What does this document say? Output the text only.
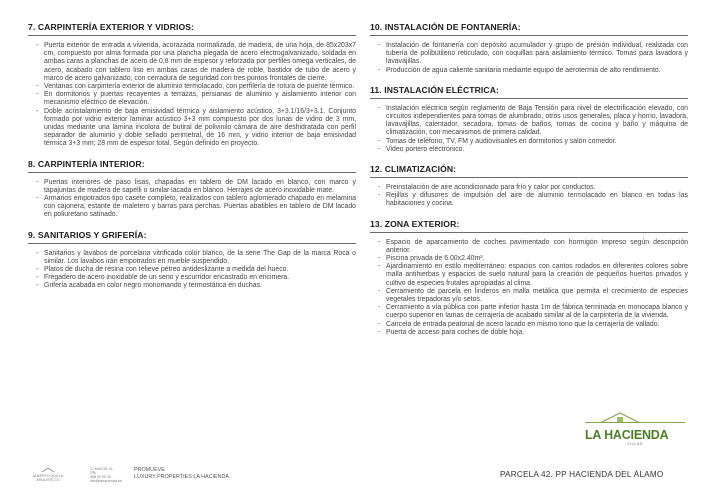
7. CARPINTERÍA EXTERIOR Y VIDRIOS:
- Puerta exterior de entrada a vivienda, acorazada normalizada, de madera, de una hoja, de 85x203x7 cm, compuesto por alma formada por una plancha plegada de acero electrogalvanizado, soldada en ambas caras a planchas de acero de 0,8 mm de espesor y reforzada por perfiles omega verticales, de acero, acabado con tablero liso en ambas caras de madera de roble, bastidor de tubo de acero y marco de acero galvanizado, con cerradura de seguridad con tres puntos frontales de cierre.
- Ventanas con carpintería exterior de aluminio termolacado, con perfilería de rotura de puente térmico.
- En dormitorios y puertas recayentes a terrazas, persianas de aluminio y aislamiento interior con mecanismo eléctrico de elevación.
- Doble acristalamiento de baja emisividad térmica y aislamiento acústico, 3+3.1/16/3+3.1. Conjunto formado por vidrio exterior laminar acústico 3+3 mm compuesto por dos lunas de vidrio de 3 mm, unidas mediante una lámina incolora de butiral de polivinilo cámara de aire deshidratada con perfil separador de aluminio y doble sellado perimetral, de 16 mm, y vidrio interior de baja emisividad térmica 3+3 mm; 28 mm de espesor total. Según definido en proyecto.
8. CARPINTERÍA INTERIOR:
- Puertas interiores de paso lisas, chapadas en tablero de DM lacado en blanco, con marco y tapajuntas de madera de sapelli o similar lacada en blanco. Herrajes de acero inoxidable mate.
- Armarios empotrados tipo casete completo, realizados con tablero aglomerado chapado en melamina con cajonera, estante de maletero y barras para perchas. Puertas abatibles en tablero de DM lacado en poliuretano satinado.
9. SANITARIOS Y GRIFERÍA:
- Sanitarios y lavabos de porcelana vitrificada color blanco, de la serie The Gap de la marca Roca o similar. Los lavabos irán empotrados en mueble suspendido.
- Platos de ducha de resina con relieve pétreo antideslizante a medida del hueco.
- Fregadero de acero inoxidable de un seno y escurridor encastrado en encimera.
- Grifería acabada en color negro monomando y termostática en duchas.
10. INSTALACIÓN DE FONTANERÍA:
- Instalación de fontanería con depósito acumulador y grupo de presión individual, realizada con tubería de polibutileno reticulado, con coquillas para aislamiento térmico. Tomas para lavadora y lavavajillas.
- Producción de agua caliente sanitaria mediante equipo de aerotermia de alto rendimiento.
11. INSTALACIÓN ELÉCTRICA:
- Instalación eléctrica según reglamento de Baja Tensión para nivel de electrificación elevado, con circuitos independientes para tomas de alumbrado, otros usos generales, placa y horno, lavadora, lavavajillas, calentador, secadora, tomas de baños, tomas de cocina y baño y máquina de climatización, con mecanismos de primera calidad.
- Tomas de teléfono, TV, FM y audiovisuales en dormitorios y salón comedor.
- Video portero electrónico.
12. CLIMATIZACIÓN:
- Preinstalación de aire acondicionado para frío y calor por conductos.
- Rejillas y difusores de impulsión del aire de aluminio termolacado en blanco en todas las habitaciones y cocina.
13. ZONA EXTERIOR:
- Espacio de aparcamiento de coches pavimentado con hormigón impreso según descripción anterior.
- Piscina privada de 6.00x2.40m².
- Ajardinamiento en estilo mediterráneo: espacios con cantos rodados en diferentes colores sobre malla antihierbas y espacios de suelo natural para la creación de pequeños huertos privados y cultivo de especies frutales apropiadas al clima.
- Cerramiento de parcela en linderos en malla metálica que permita el crecimiento de especies vegetales trepadoras y/o setos.
- Cerramiento a vía pública con parte inferior hasta 1m de fábrica terminada en monocapa blanco y cuerpo superior en lamas de cerrajería de acabado similar al de la carpintería de la vivienda.
- Cancela de entrada peatonal de acero lacado en mismo tono que la cerrajería de vallado.
- Puerta de acceso para coches de doble hoja.
ALBERTO QUILLA
ARQUITECTO
C/ MAYOR 24, 2ºB
968 00 00 00
info@lahacienda.es
PROMUEVE
LUXURY PROPERTIES LA HACIENDA
LA HACIENDA
VILLAS
PARCELA 42. PP HACIENDA DEL ÁLAMO
